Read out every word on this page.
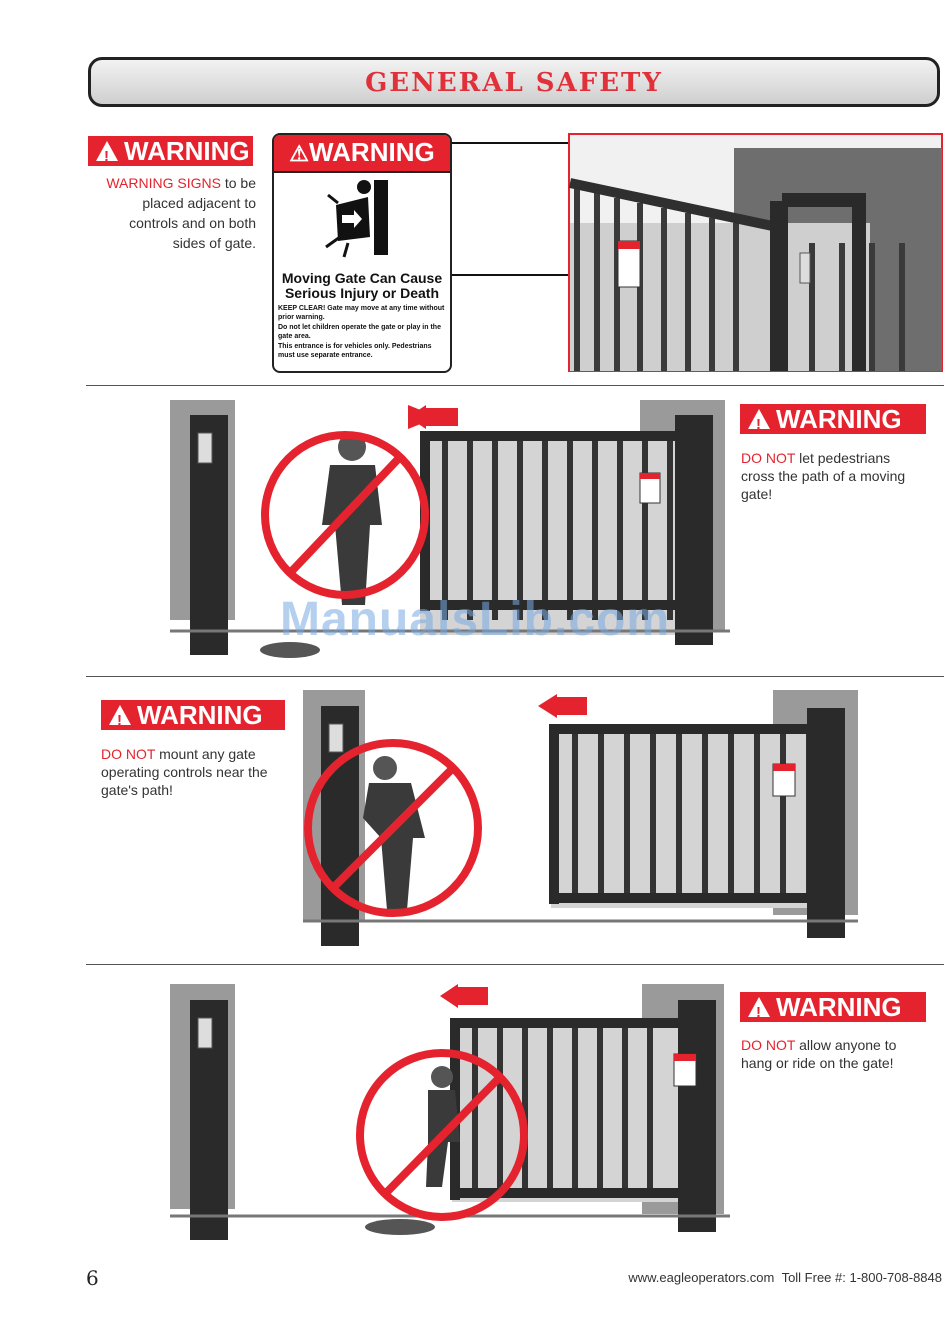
GENERAL SAFETY
!WARNING
WARNING SIGNS to be placed adjacent to controls and on both sides of gate.
⚠WARNING
Moving Gate Can Cause
Serious Injury or Death
KEEP CLEAR! Gate may move at any time without prior warning.
Do not let children operate the gate or play in the gate area.
This entrance is for vehicles only. Pedestrians must use separate entrance.
!WARNING
DO NOT let pedestrians cross the path of a moving gate!
!WARNING
DO NOT mount any gate operating controls near the gate's path!
!WARNING
DO NOT allow anyone to hang or ride on the gate!
ManualsLib.com
6	www.eagleoperators.com Toll Free #: 1-800-708-8848
